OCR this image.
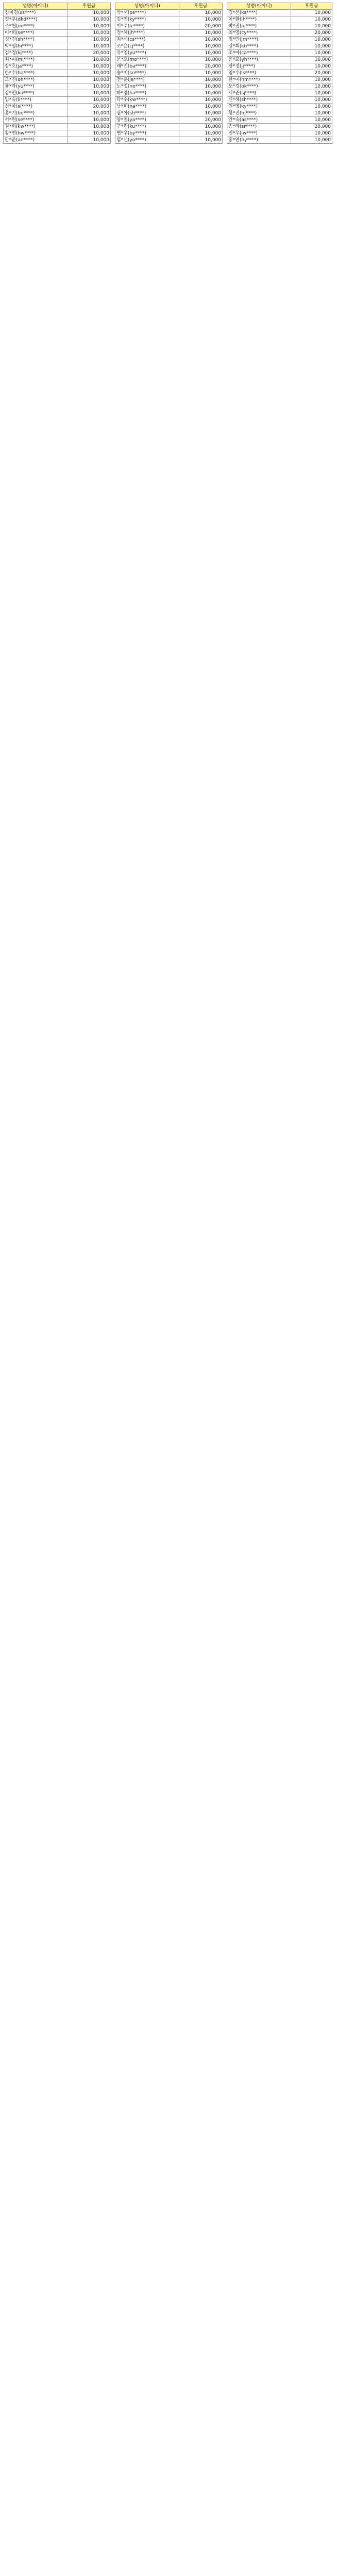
성명(아이디)	후원금
김미경(ss****)	10,000
정*우(dkd****)	10,000
조*현(on****)	10,000
이*희(se****)	10,000
성*진(sh****)	10,000
박*영(hi****)	10,000
김*정(kj****)	20,000
최*미(mi****)	10,000
장*호(ja****)	10,000
한*수(ha****)	10,000
오*진(oh****)	10,000
윤*라(yu****)	10,000
강*민(ka****)	10,000
임*숙(li****)	10,000
신*아(si****)	20,000
홍*기(ho****)	10,000
서*원(se****)	10,000
권*희(kw****)	10,000
황*연(hw****)	10,000
안*준(an****)	10,000
성명(아이디)	후원금
박*서(ps****)	10,000
김*연(ky****)	10,000
이*주(le****)	20,000
정*혜(jh****)	10,000
최*석(cs****)	10,000
조*은(cj****)	10,000
유*영(yu****)	10,000
문*호(mo****)	10,000
배*진(ba****)	20,000
송*미(so****)	10,000
전*훈(je****)	10,000
노*정(no****)	10,000
하*경(ha****)	10,000
곽*수(kw****)	10,000
남*희(na****)	10,000
심*아(sh****)	10,000
양*철(ya****)	20,000
구*린(ku****)	10,000
변*우(by****)	10,000
염*선(yo****)	10,000
성명(아이디)	후원금
김*선(ks****)	10,000
이*환(lh****)	10,000
박*진(pj****)	10,000
최*영(cy****)	20,000
정*민(jm****)	10,000
강*희(kh****)	10,000
조*아(ca****)	10,000
윤*호(yh****)	10,000
장*정(jj****)	10,000
임*수(ls****)	20,000
한*미(hm****)	10,000
오*경(ok****)	10,000
서*준(sj****)	10,000
신*혜(sh****)	10,000
권*영(ky****)	10,000
황*진(hj****)	10,000
안*숙(as****)	10,000
송*라(sr****)	20,000
전*우(jw****)	10,000
홍*연(hy****)	10,000
